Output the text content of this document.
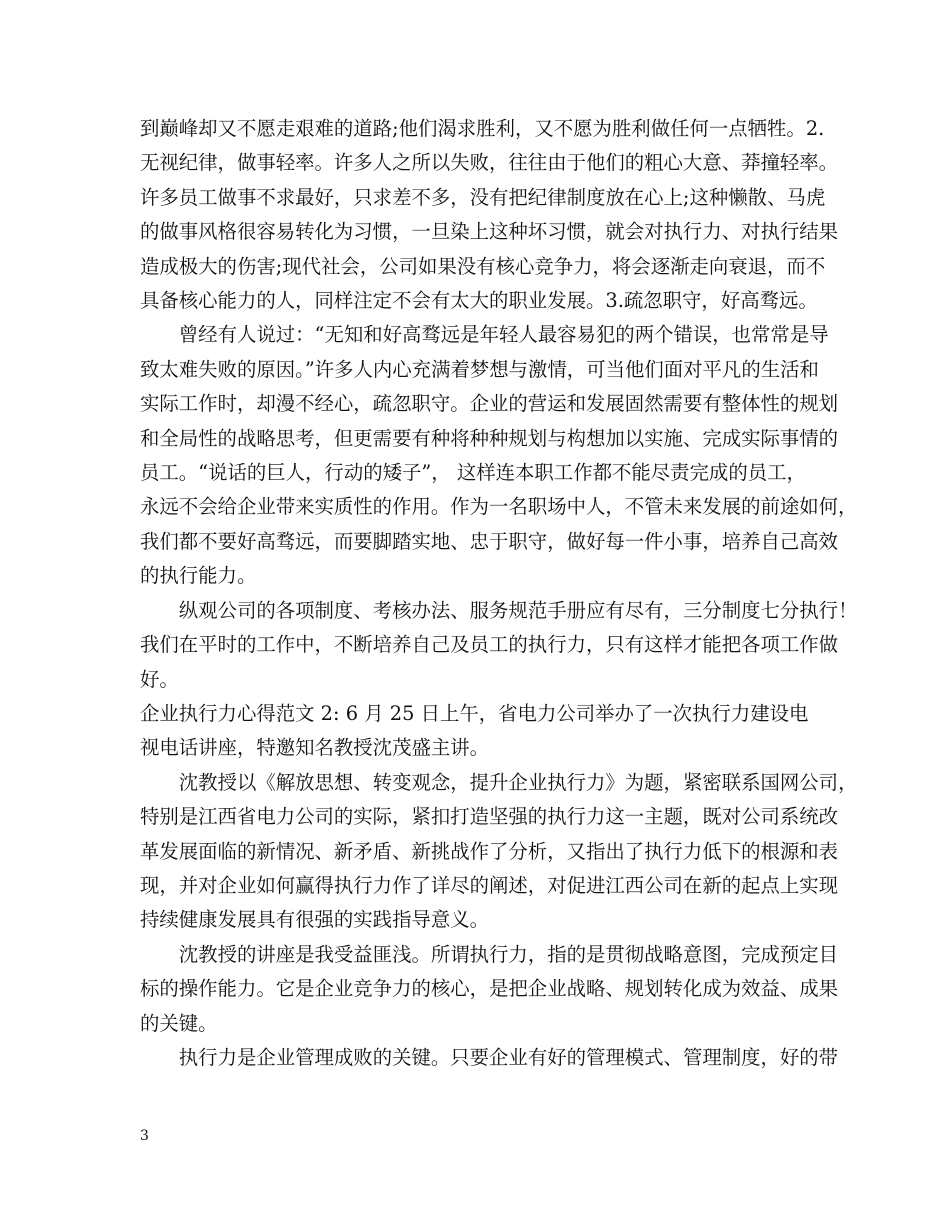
到巅峰却又不愿走艰难的道路;他们渴求胜利，又不愿为胜利做任何一点牺牲。2.
无视纪律，做事轻率。许多人之所以失败，往往由于他们的粗心大意、莽撞轻率。
许多员工做事不求最好，只求差不多，没有把纪律制度放在心上;这种懒散、马虎
的做事风格很容易转化为习惯，一旦染上这种坏习惯，就会对执行力、对执行结果
造成极大的伤害;现代社会，公司如果没有核心竞争力，将会逐渐走向衰退，而不
具备核心能力的人，同样注定不会有太大的职业发展。3.疏忽职守，好高骛远。
曾经有人说过：“无知和好高骛远是年轻人最容易犯的两个错误，也常常是导
致太难失败的原因。”许多人内心充满着梦想与激情，可当他们面对平凡的生活和
实际工作时，却漫不经心，疏忽职守。企业的营运和发展固然需要有整体性的规划
和全局性的战略思考，但更需要有种将种种规划与构想加以实施、完成实际事情的
员工。“说话的巨人，行动的矮子”， 这样连本职工作都不能尽责完成的员工，
永远不会给企业带来实质性的作用。作为一名职场中人，不管未来发展的前途如何，
我们都不要好高骛远，而要脚踏实地、忠于职守，做好每一件小事，培养自己高效
的执行能力。
纵观公司的各项制度、考核办法、服务规范手册应有尽有，三分制度七分执行！
我们在平时的工作中，不断培养自己及员工的执行力，只有这样才能把各项工作做
好。
企业执行力心得范文 2: 6 月 25 日上午，省电力公司举办了一次执行力建设电
视电话讲座，特邀知名教授沈茂盛主讲。
沈教授以《解放思想、转变观念，提升企业执行力》为题，紧密联系国网公司，
特别是江西省电力公司的实际，紧扣打造坚强的执行力这一主题，既对公司系统改
革发展面临的新情况、新矛盾、新挑战作了分析，又指出了执行力低下的根源和表
现，并对企业如何赢得执行力作了详尽的阐述，对促进江西公司在新的起点上实现
持续健康发展具有很强的实践指导意义。
沈教授的讲座是我受益匪浅。所谓执行力，指的是贯彻战略意图，完成预定目
标的操作能力。它是企业竞争力的核心，是把企业战略、规划转化成为效益、成果
的关键。
执行力是企业管理成败的关键。只要企业有好的管理模式、管理制度，好的带
3
